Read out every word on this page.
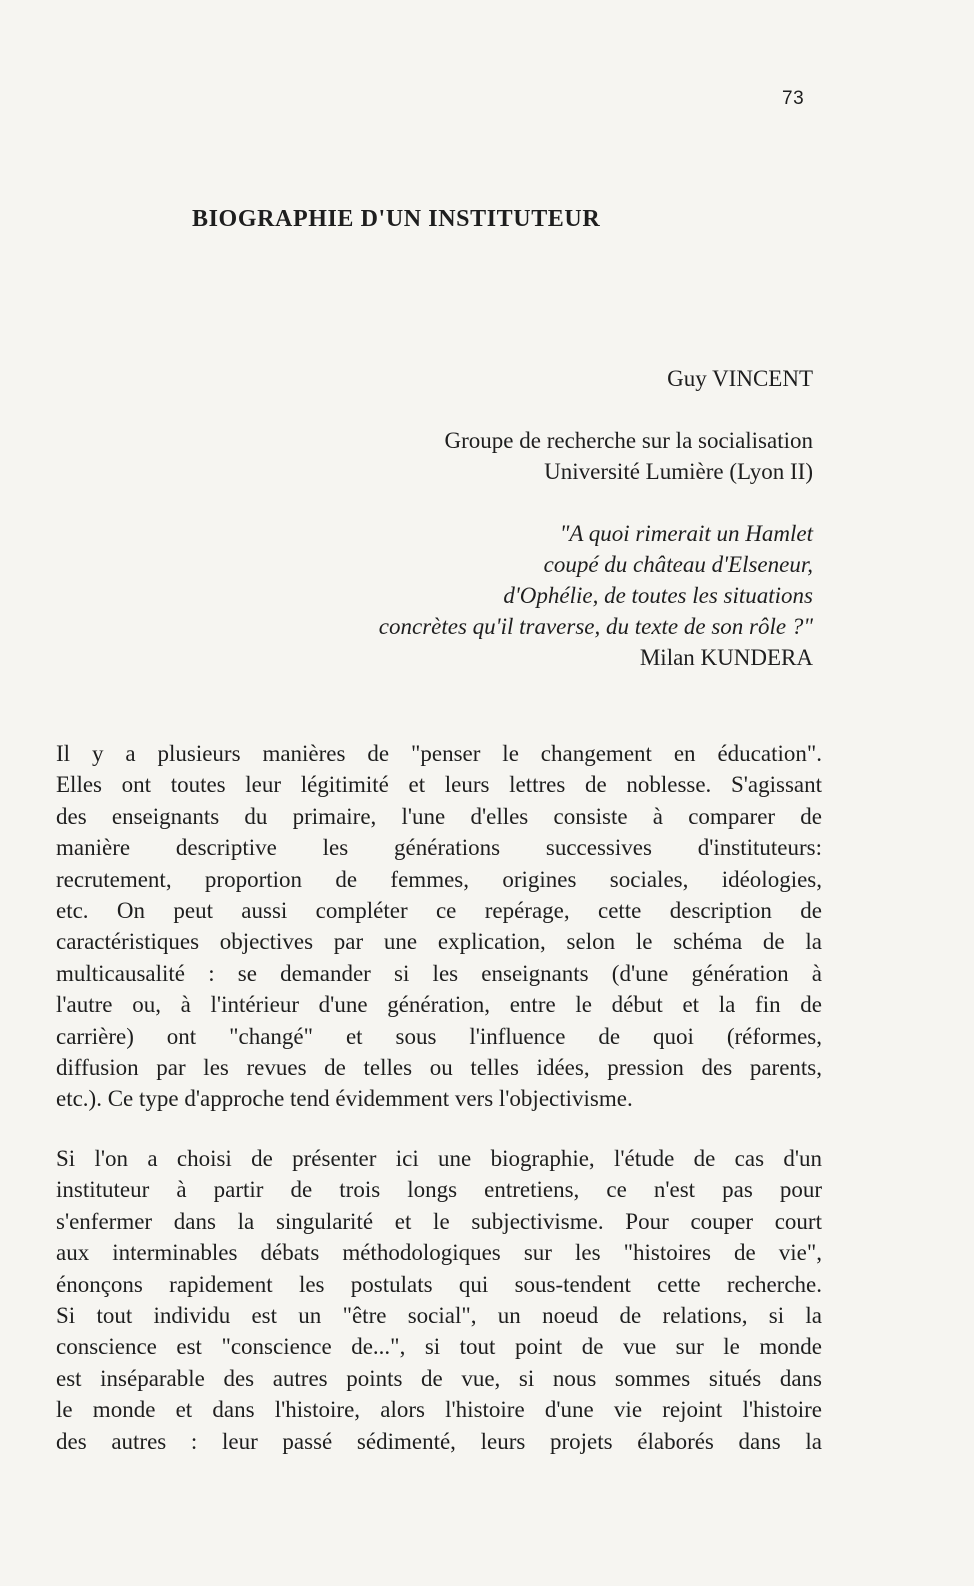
73
BIOGRAPHIE D'UN INSTITUTEUR
Guy VINCENT
Groupe de recherche sur la socialisation
Université Lumière (Lyon II)
"A quoi rimerait un Hamlet
coupé du château d'Elseneur,
d'Ophélie, de toutes les situations
concrètes qu'il traverse, du texte de son rôle ?"
Milan KUNDERA
Il y a plusieurs manières de "penser le changement en éducation".
Elles ont toutes leur légitimité et leurs lettres de noblesse. S'agissant
des enseignants du primaire, l'une d'elles consiste à comparer de
manière descriptive les générations successives d'instituteurs:
recrutement, proportion de femmes, origines sociales, idéologies,
etc. On peut aussi compléter ce repérage, cette description de
caractéristiques objectives par une explication, selon le schéma de la
multicausalité : se demander si les enseignants (d'une génération à
l'autre ou, à l'intérieur d'une génération, entre le début et la fin de
carrière) ont "changé" et sous l'influence de quoi (réformes,
diffusion par les revues de telles ou telles idées, pression des parents,
etc.). Ce type d'approche tend évidemment vers l'objectivisme.
Si l'on a choisi de présenter ici une biographie, l'étude de cas d'un
instituteur à partir de trois longs entretiens, ce n'est pas pour
s'enfermer dans la singularité et le subjectivisme. Pour couper court
aux interminables débats méthodologiques sur les "histoires de vie",
énonçons rapidement les postulats qui sous-tendent cette recherche.
Si tout individu est un "être social", un noeud de relations, si la
conscience est "conscience de...", si tout point de vue sur le monde
est inséparable des autres points de vue, si nous sommes situés dans
le monde et dans l'histoire, alors l'histoire d'une vie rejoint l'histoire
des autres : leur passé sédimenté, leurs projets élaborés dans la
